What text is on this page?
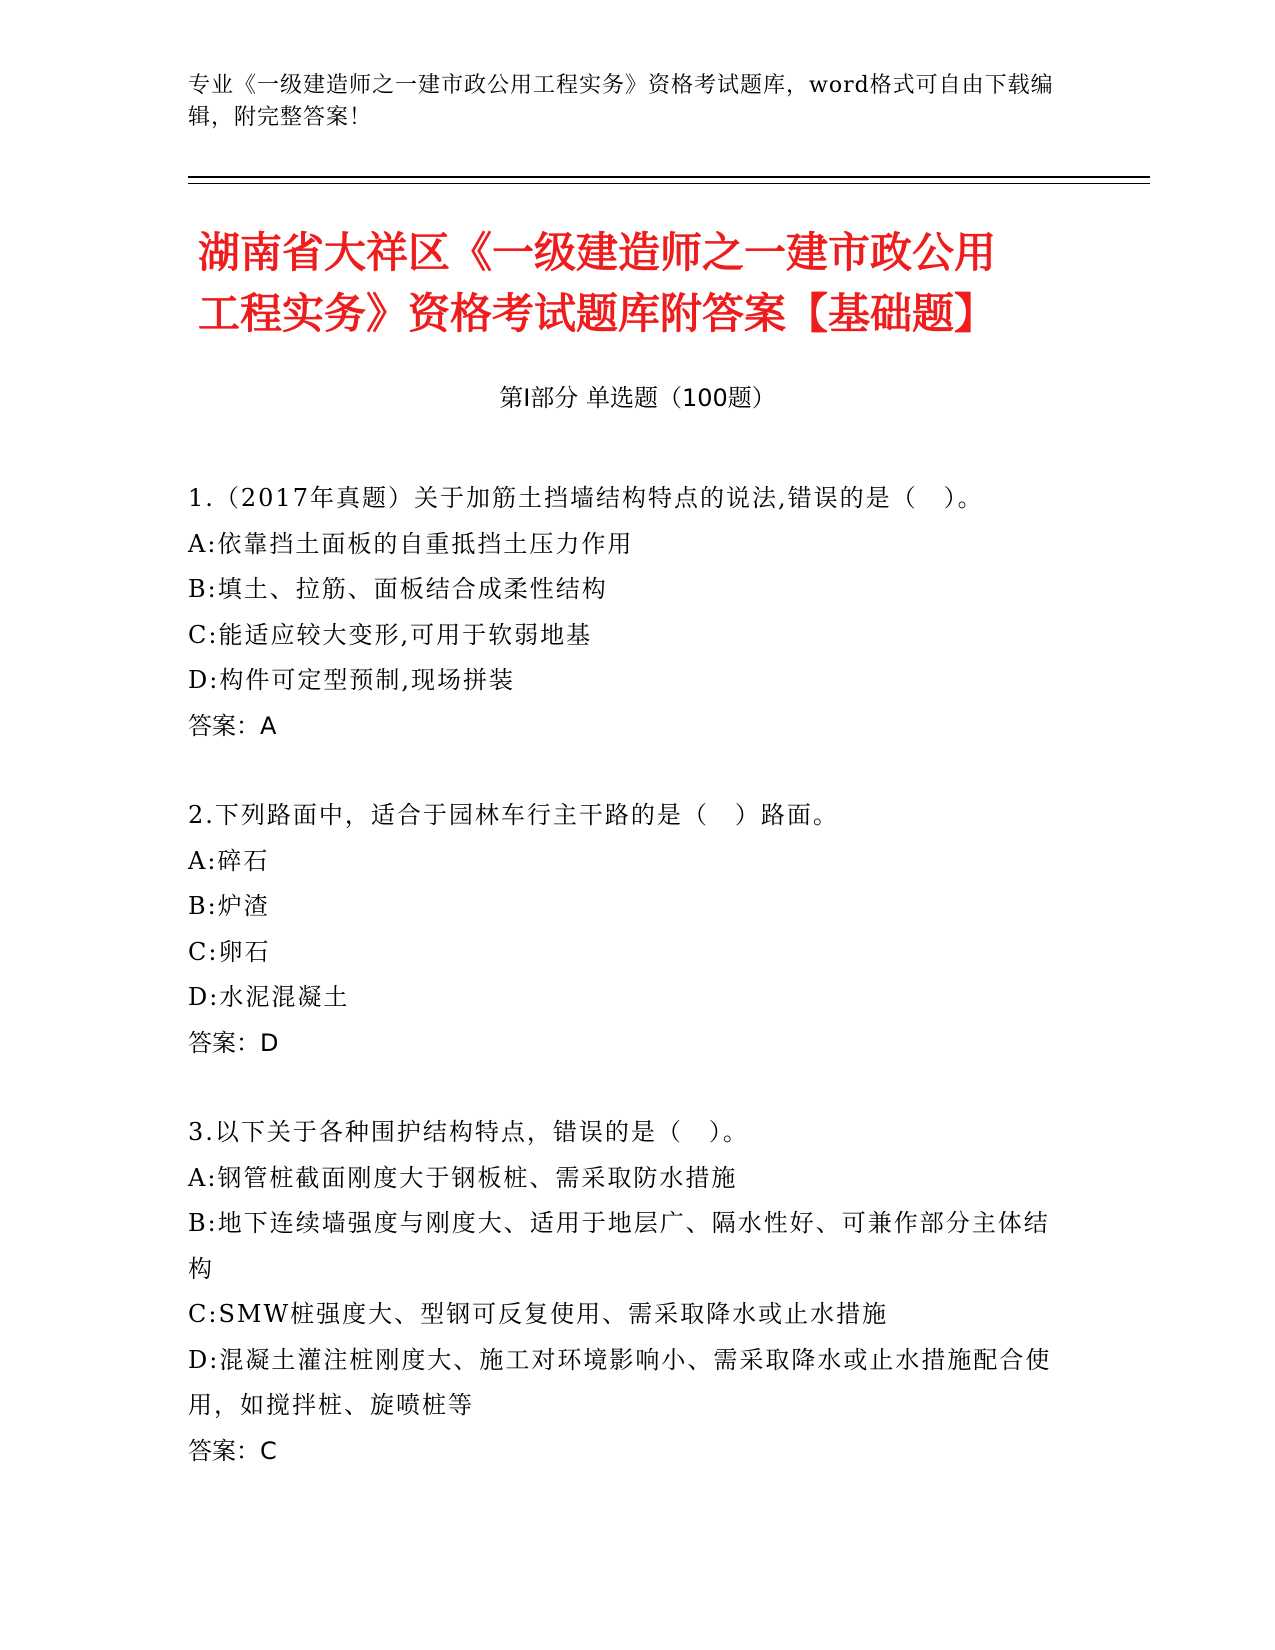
专业《一级建造师之一建市政公用工程实务》资格考试题库，word格式可自由下载编辑，附完整答案！
湖南省大祥区《一级建造师之一建市政公用
工程实务》资格考试题库附答案【基础题】
第I部分 单选题（100题）
1.（2017年真题）关于加筋土挡墙结构特点的说法,错误的是（　）。
A:依靠挡土面板的自重抵挡土压力作用
B:填土、拉筋、面板结合成柔性结构
C:能适应较大变形,可用于软弱地基
D:构件可定型预制,现场拼装
答案：A
2.下列路面中，适合于园林车行主干路的是（　）路面。
A:碎石
B:炉渣
C:卵石
D:水泥混凝土
答案：D
3.以下关于各种围护结构特点，错误的是（　）。
A:钢管桩截面刚度大于钢板桩、需采取防水措施
B:地下连续墙强度与刚度大、适用于地层广、隔水性好、可兼作部分主体结构
C:SMW桩强度大、型钢可反复使用、需采取降水或止水措施
D:混凝土灌注桩刚度大、施工对环境影响小、需采取降水或止水措施配合使用，如搅拌桩、旋喷桩等
答案：C
